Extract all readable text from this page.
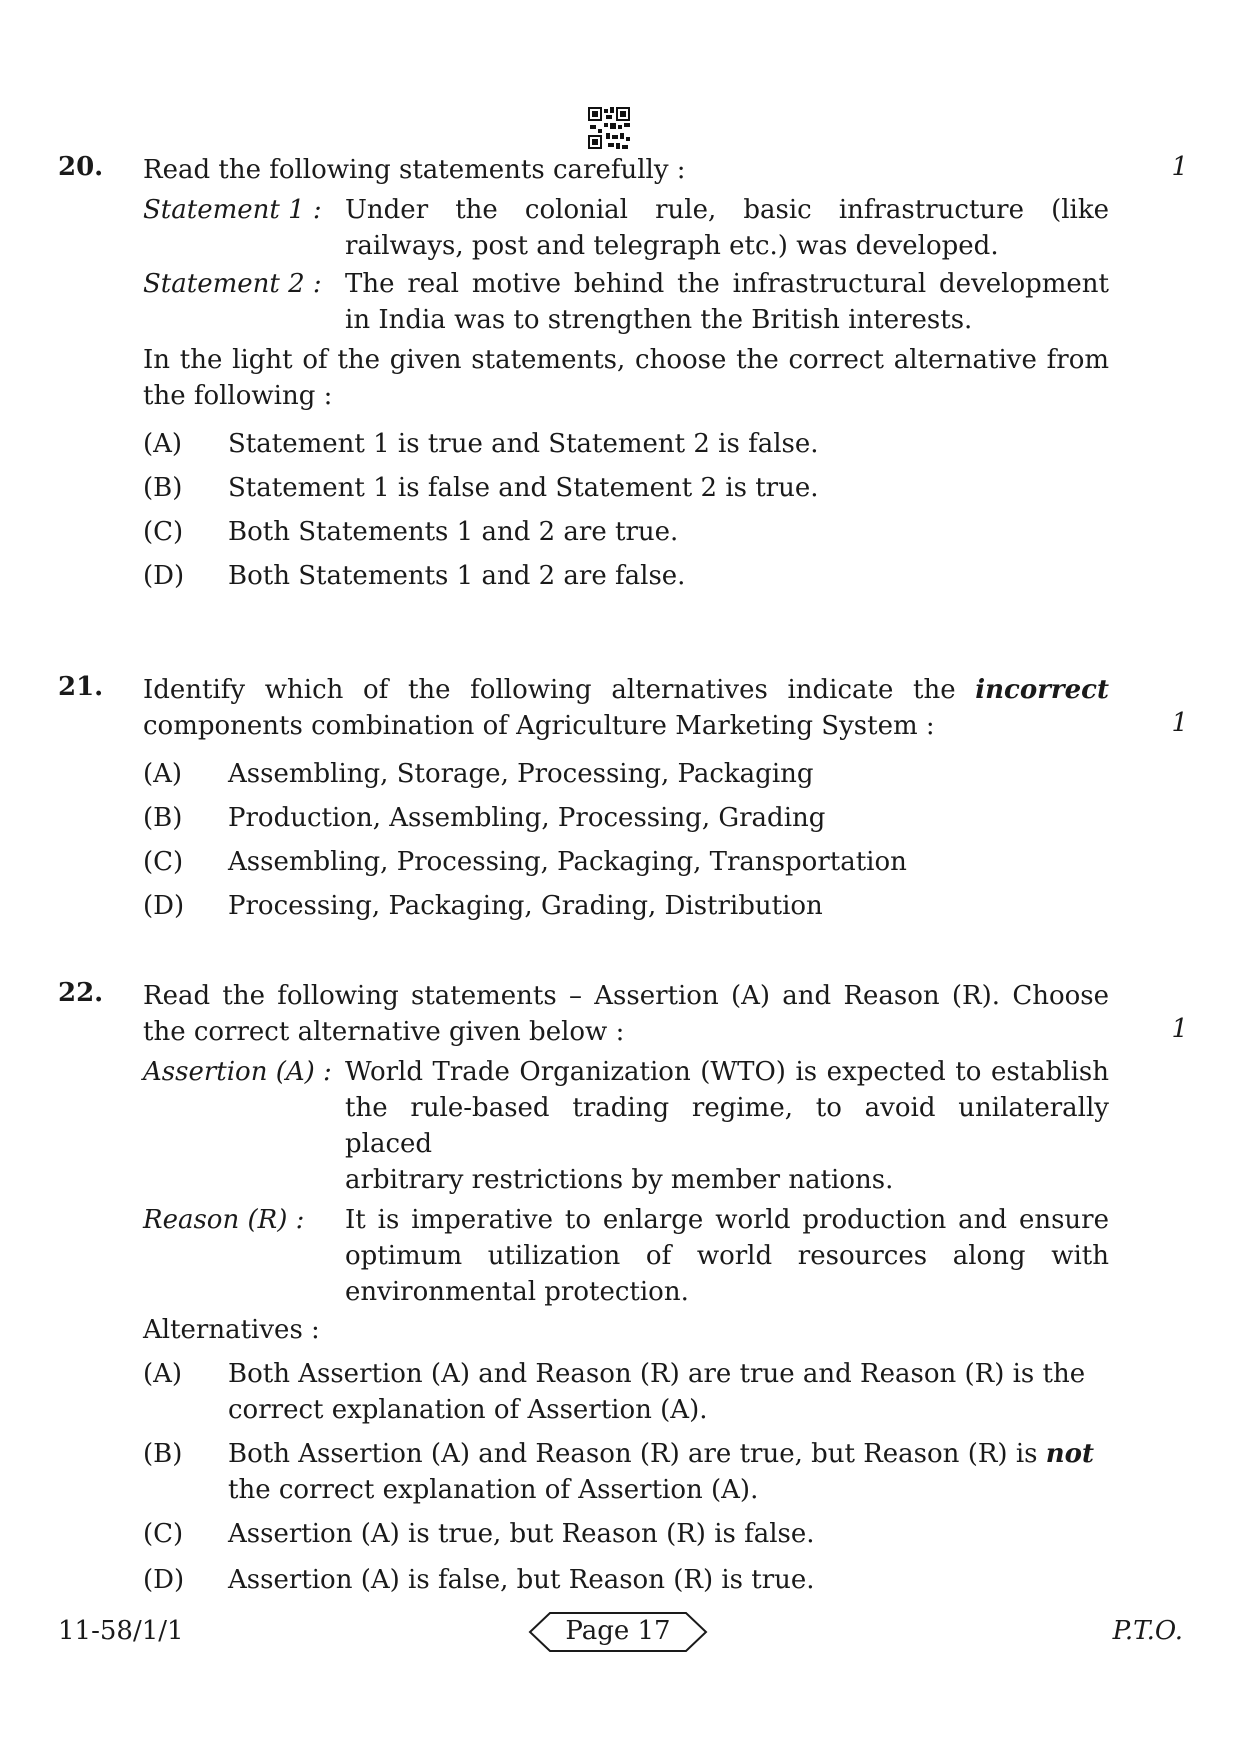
20.	1
Read the following statements carefully :
Statement 1 : Under the colonial rule, basic infrastructure (like
railways, post and telegraph etc.) was developed.
Statement 2 : The real motive behind the infrastructural development
in India was to strengthen the British interests.
In the light of the given statements, choose the correct alternative from
the following :
(A) Statement 1 is true and Statement 2 is false.
(B) Statement 1 is false and Statement 2 is true.
(C) Both Statements 1 and 2 are true.
(D) Both Statements 1 and 2 are false.
21.
1
Identify which of the following alternatives indicate the incorrect
components combination of Agriculture Marketing System :
(A) Assembling, Storage, Processing, Packaging
(B) Production, Assembling, Processing, Grading
(C) Assembling, Processing, Packaging, Transportation
(D) Processing, Packaging, Grading, Distribution
22.
1
Read the following statements – Assertion (A) and Reason (R). Choose
the correct alternative given below :
Assertion (A) : World Trade Organization (WTO) is expected to establish
the rule-based trading regime, to avoid unilaterally placed
arbitrary restrictions by member nations.
Reason (R) : It is imperative to enlarge world production and ensure
optimum utilization of world resources along with
environmental protection.
Alternatives :
(A) Both Assertion (A) and Reason (R) are true and Reason (R) is the
correct explanation of Assertion (A).
(B) Both Assertion (A) and Reason (R) are true, but Reason (R) is not
the correct explanation of Assertion (A).
(C) Assertion (A) is true, but Reason (R) is false.
(D) Assertion (A) is false, but Reason (R) is true.
11-58/1/1	Page 17	P.T.O.
